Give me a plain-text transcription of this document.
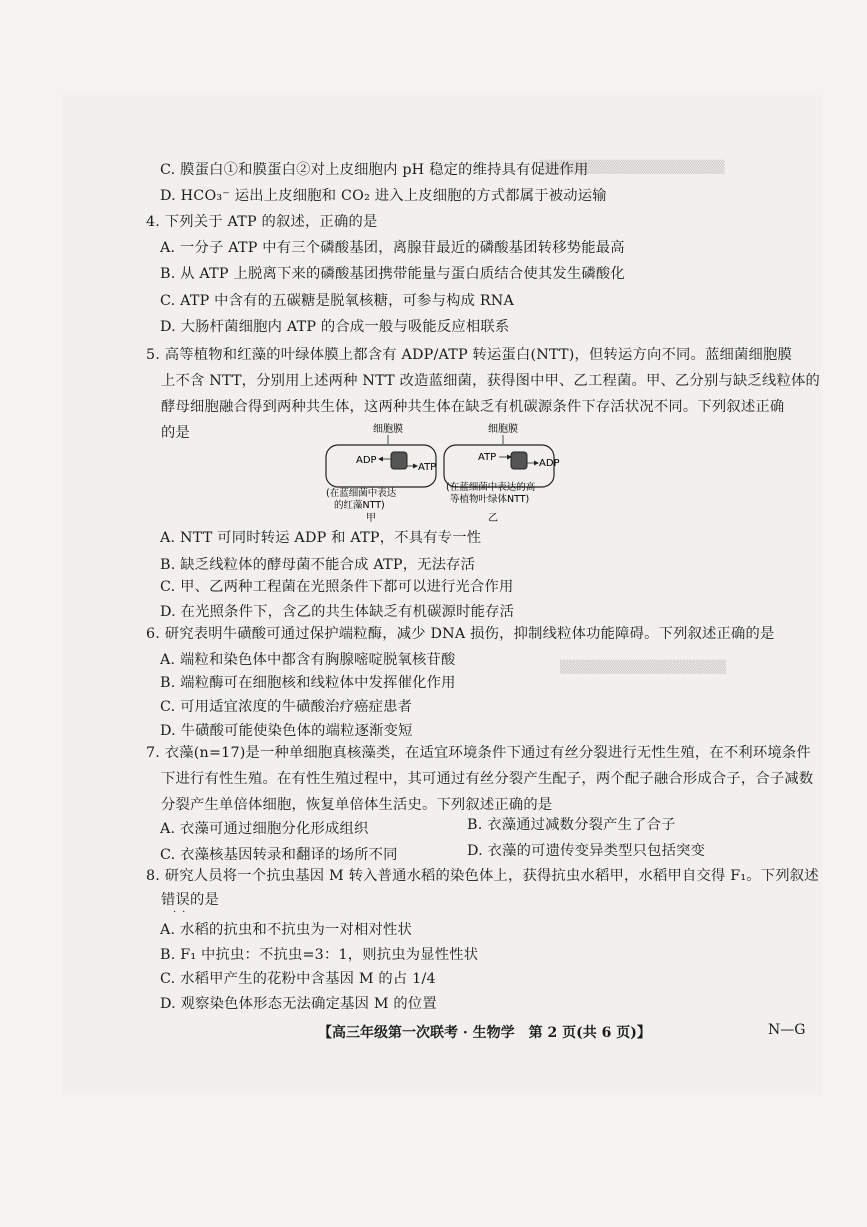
▒▒▒▒▒▒▒▒▒▒▒▒▒▒▒▒▒▒▒▒
▒▒▒▒▒▒▒▒▒▒▒▒▒▒▒▒▒▒
C. 膜蛋白①和膜蛋白②对上皮细胞内 pH 稳定的维持具有促进作用
D. HCO₃⁻ 运出上皮细胞和 CO₂ 进入上皮细胞的方式都属于被动运输
4. 下列关于 ATP 的叙述，正确的是
A. 一分子 ATP 中有三个磷酸基团，离腺苷最近的磷酸基团转移势能最高
B. 从 ATP 上脱离下来的磷酸基团携带能量与蛋白质结合使其发生磷酸化
C. ATP 中含有的五碳糖是脱氧核糖，可参与构成 RNA
D. 大肠杆菌细胞内 ATP 的合成一般与吸能反应相联系
5. 高等植物和红藻的叶绿体膜上都含有 ADP/ATP 转运蛋白(NTT)，但转运方向不同。蓝细菌细胞膜
上不含 NTT，分别用上述两种 NTT 改造蓝细菌，获得图中甲、乙工程菌。甲、乙分别与缺乏线粒体的
酵母细胞融合得到两种共生体，这两种共生体在缺乏有机碳源条件下存活状况不同。下列叙述正确
的是	细胞膜
ADP
ATP
(在蓝细菌中表达
的红藻NTT)
甲
细胞膜
ATP
ADP
(在蓝细菌中表达的高
等植物叶绿体NTT)
乙
A. NTT 可同时转运 ADP 和 ATP，不具有专一性
B. 缺乏线粒体的酵母菌不能合成 ATP，无法存活
C. 甲、乙两种工程菌在光照条件下都可以进行光合作用
D. 在光照条件下，含乙的共生体缺乏有机碳源时能存活
6. 研究表明牛磺酸可通过保护端粒酶，减少 DNA 损伤，抑制线粒体功能障碍。下列叙述正确的是
A. 端粒和染色体中都含有胸腺嘧啶脱氧核苷酸
B. 端粒酶可在细胞核和线粒体中发挥催化作用
C. 可用适宜浓度的牛磺酸治疗癌症患者
D. 牛磺酸可能使染色体的端粒逐渐变短
7. 衣藻(n=17)是一种单细胞真核藻类，在适宜环境条件下通过有丝分裂进行无性生殖，在不利环境条件
下进行有性生殖。在有性生殖过程中，其可通过有丝分裂产生配子，两个配子融合形成合子，合子减数
分裂产生单倍体细胞，恢复单倍体生活史。下列叙述正确的是
A. 衣藻可通过细胞分化形成组织	B. 衣藻通过减数分裂产生了合子
C. 衣藻核基因转录和翻译的场所不同	D. 衣藻的可遗传变异类型只包括突变
8. 研究人员将一个抗虫基因 M 转入普通水稻的染色体上，获得抗虫水稻甲，水稻甲自交得 F₁。下列叙述
错误的是
··
A. 水稻的抗虫和不抗虫为一对相对性状
B. F₁ 中抗虫：不抗虫=3：1，则抗虫为显性性状
C. 水稻甲产生的花粉中含基因 M 的占 1/4
D. 观察染色体形态无法确定基因 M 的位置
【高三年级第一次联考 · 生物学　第 2 页(共 6 页)】	N—G
